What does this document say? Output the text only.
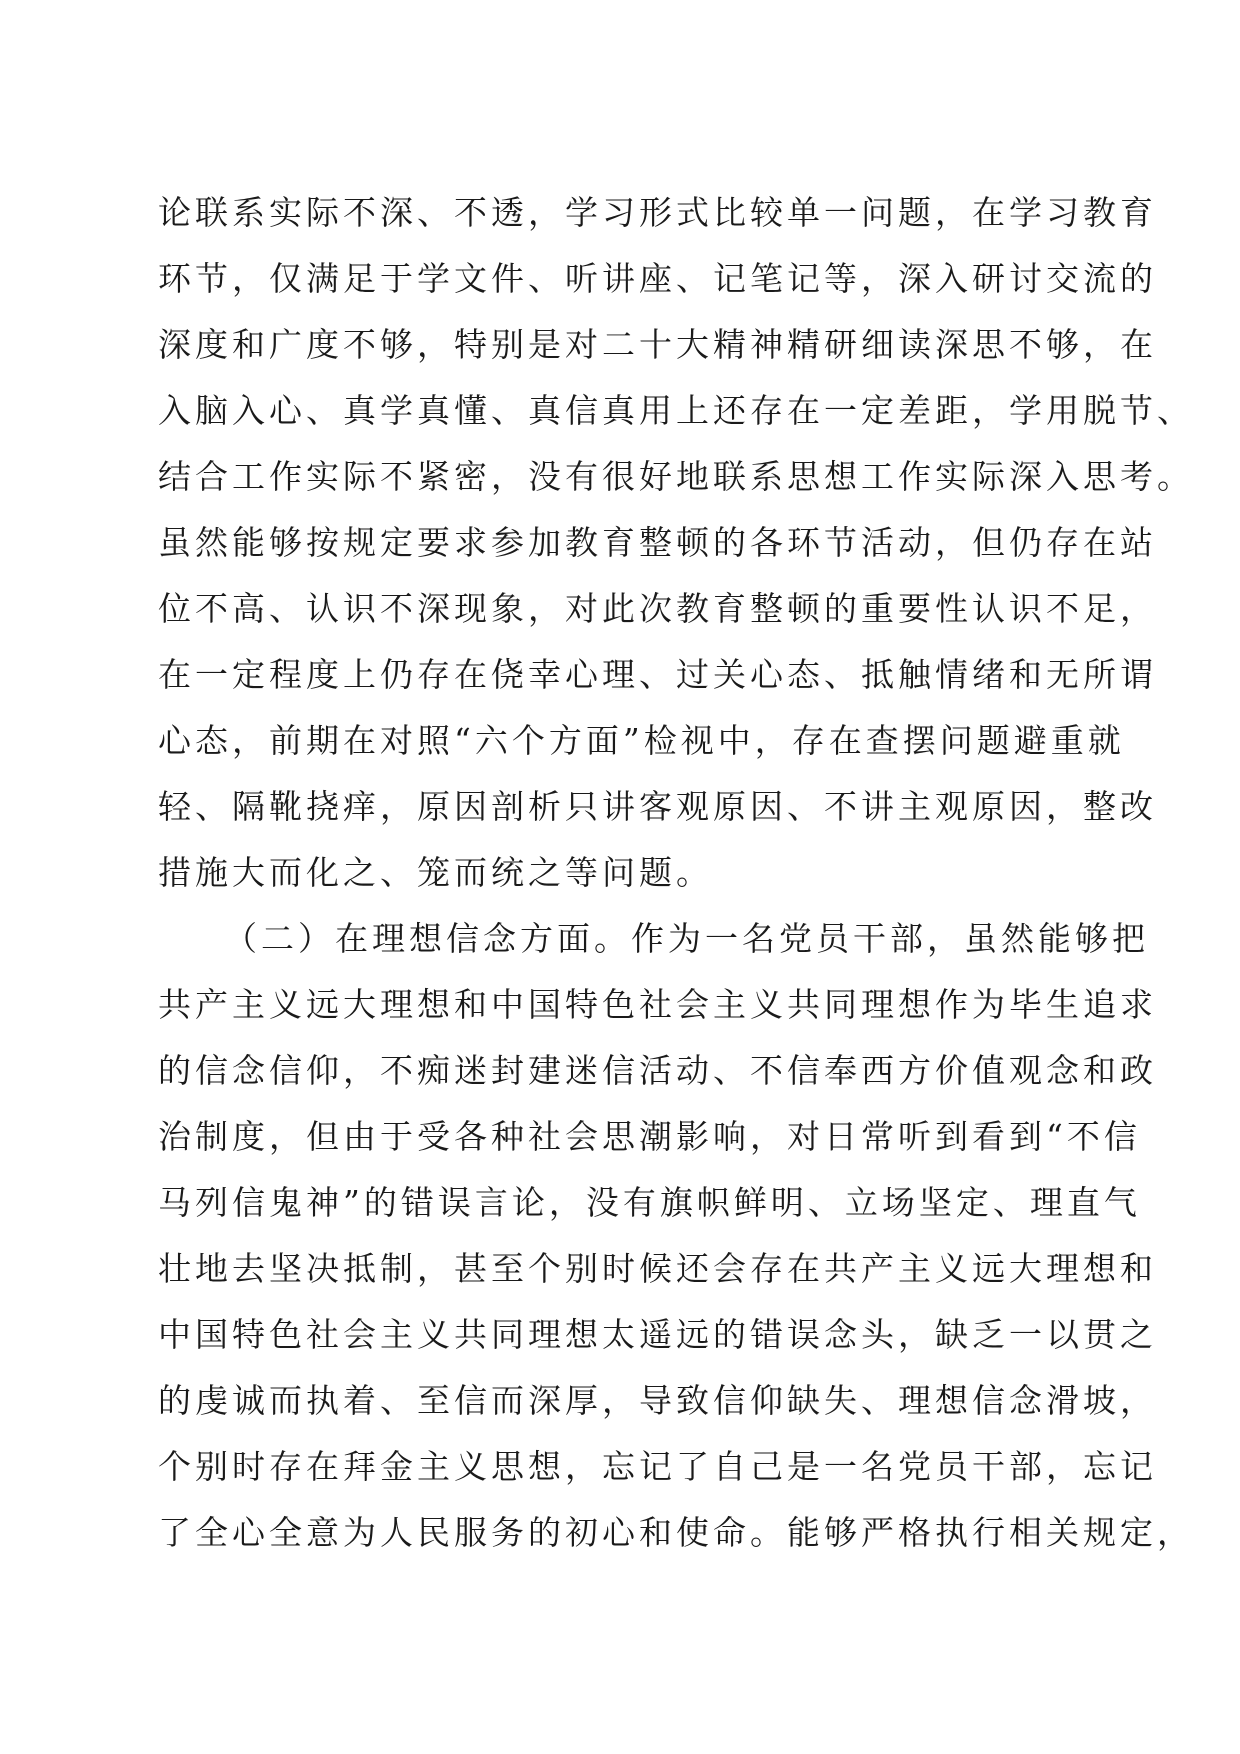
论联系实际不深、不透，学习形式比较单一问题，在学习教育
环节，仅满足于学文件、听讲座、记笔记等，深入研讨交流的
深度和广度不够，特别是对二十大精神精研细读深思不够，在
入脑入心、真学真懂、真信真用上还存在一定差距，学用脱节、
结合工作实际不紧密，没有很好地联系思想工作实际深入思考。
虽然能够按规定要求参加教育整顿的各环节活动，但仍存在站
位不高、认识不深现象，对此次教育整顿的重要性认识不足，
在一定程度上仍存在侥幸心理、过关心态、抵触情绪和无所谓
心态，前期在对照“六个方面”检视中，存在查摆问题避重就
轻、隔靴挠痒，原因剖析只讲客观原因、不讲主观原因，整改
措施大而化之、笼而统之等问题。
（二）在理想信念方面。作为一名党员干部，虽然能够把
共产主义远大理想和中国特色社会主义共同理想作为毕生追求
的信念信仰，不痴迷封建迷信活动、不信奉西方价值观念和政
治制度，但由于受各种社会思潮影响，对日常听到看到“不信
马列信鬼神”的错误言论，没有旗帜鲜明、立场坚定、理直气
壮地去坚决抵制，甚至个别时候还会存在共产主义远大理想和
中国特色社会主义共同理想太遥远的错误念头，缺乏一以贯之
的虔诚而执着、至信而深厚，导致信仰缺失、理想信念滑坡，
个别时存在拜金主义思想，忘记了自己是一名党员干部，忘记
了全心全意为人民服务的初心和使命。能够严格执行相关规定，
